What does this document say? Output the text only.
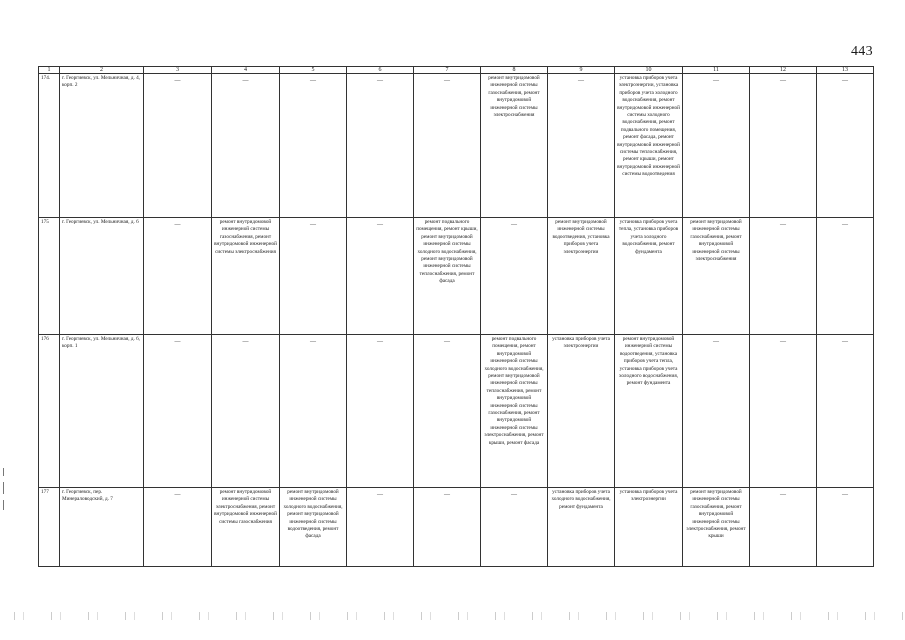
443
1	2	3	4	5	6	7	8	9	10	11	12	13
174.	г. Георгиевск, ул. Мельничная, д. 4, корп. 2	—	—	—	—	—	ремонт внутридомовой инженерной системы газоснабжения, ремонт внутридомовой инженерной системы электроснабжения	—	установка приборов учета электроэнергии, установка приборов учета холодного водоснабжения, ремонт внутридомовой инженерной системы холодного водоснабжения, ремонт подвального помещения, ремонт фасада, ремонт внутридомовой инженерной системы теплоснабжения, ремонт крыши, ремонт внутридомовой инженерной системы водоотведения	—	—	—

175	г. Георгиевск, ул. Мельничная, д. 6	—	ремонт внутридомовой инженерной системы газоснабжения, ремонт внутридомовой инженерной системы электроснабжения	—	—	ремонт подвального помещения, ремонт крыши, ремонт внутридомовой инженерной системы холодного водоснабжения, ремонт внутридомовой инженерной системы теплоснабжения, ремонт фасада	—	ремонт внутридомовой инженерной системы водоотведения, установка приборов учета электроэнергии	установка приборов учета тепла, установка приборов учета холодного водоснабжения, ремонт фундамента	ремонт внутридомовой инженерной системы газоснабжения, ремонт внутридомовой инженерной системы электроснабжения	—	—

176	г. Георгиевск, ул. Мельничная, д. 6, корп. 1	—	—	—	—	—	ремонт подвального помещения, ремонт внутридомовой инженерной системы холодного водоснабжения, ремонт внутридомовой инженерной системы теплоснабжения, ремонт внутридомовой инженерной системы газоснабжения, ремонт внутридомовой инженерной системы электроснабжения, ремонт крыши, ремонт фасада	установка приборов учета электроэнергии	ремонт внутридомовой инженерной системы водоотведения, установка приборов учета тепла, установка приборов учета холодного водоснабжения, ремонт фундамента	—	—	—

177	г. Георгиевск, пер. Минераловодский, д. 7	—	ремонт внутридомовой инженерной системы электроснабжения, ремонт внутридомовой инженерной системы газоснабжения	ремонт внутридомовой инженерной системы холодного водоснабжения, ремонт внутридомовой инженерной системы водоотведения, ремонт фасада	—	—	—	установка приборов учета холодного водоснабжения, ремонт фундамента	установка приборов учета электроэнергии	ремонт внутридомовой инженерной системы газоснабжения, ремонт внутридомовой инженерной системы электроснабжения, ремонт крыши	—	—
